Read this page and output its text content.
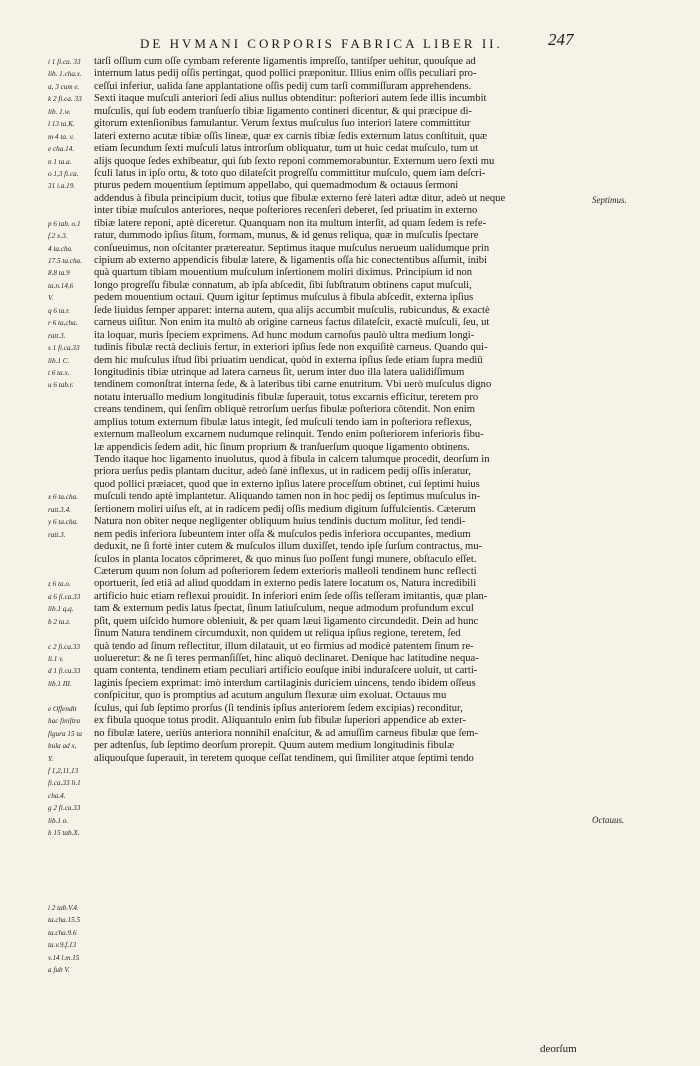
DE HVMANI CORPORIS FABRICA LIBER II.	247
i 1 fi.ca. 33
lib. 1.cha.x.
a, 3 cum e.
k 2 fi.ca. 33
lib. 1.w.
l 13 ta.K.
m 4 ta. v.
e cha.14.
n 1 ta.a.
o 1,3 fi.ca.
31 i.a.19.
p 6 tab. o.1
f.2 x.3.
4 ta.cha.
17.5 ta.cha.
8.8 ta.9
ta.n.14,6
V.
q 6 ta.r.
r 6 ta,cha.
ratt.3.
s 1 fi.ca.33
lib.1 C.
t 6 ta.x.
u 6 tab.r.
x 6 ta.cha.
ratt.3.4.
y 6 ta.cha.
ratt.3.
z 6 ta.o.
a 6 fi.ca.33
lib.1 q,q.
b 2 ta.z.
c 2 fi.ca.33
li.1 v.
d 1 fi.ca.33
lib.1 III.
e Offendit
hac finiſtra
figura 15 ta
bula ad x,
Y.
f 1,2,11,13
fi.ca.33 li.1
cha.4.
g 2 fi.ca.33
lib.1 o.
h 15 tab.X.
i 2 tab.V.4.
ta.cha.15.5
ta.cha.9.6
ta.v.9.f.13
v.14 l.m.15
a fub V.
tarſi oſſium cum oſſe cymbam referente ligamentis impreſſo, tantiſper uehitur, quouſque ad
internum latus pedij oſſis pertingat, quod pollici præponitur. Illius enim oſſis peculiari pro-
ceſſui inferiur, ualida ſane applantatione oſſis pedij cum tarſi commiſſuram apprehendens.
Sexti itaque muſculi anteriori ſedi alius nullus obtenditur: poſteriori autem ſede illis incumbit
muſculis, qui ſub eodem tranſuerſo tibiæ ligamento contineri dicentur, & qui præcipue di-
gitorum extenſionibus famulantur. Verum ſextus muſculus ſuo interiori latere committitur
lateri externo acutæ tibiæ oſſis lineæ, quæ ex carnis tibiæ ſedis externum latus conſtituit, quæ
etiam ſecundum ſexti muſculi latus introrſum obliquatur, tum ut huic cedat muſculo, tum ut
alijs quoque ſedes exhibeatur, qui ſub ſexto reponi commemorabuntur. Externum uero ſexti mu
ſculi latus in ipſo ortu, & toto quo dilateſcit progreſſu committitur muſculo, quem iam deſcri-
pturus pedem mouentium ſeptimum appellabo, qui quemadmodum & octauus ſermoni
addendus à fibula principium ducit, totius que fibulæ externo ferè lateri adtæ ditur, adeò ut neque
inter tibiæ muſculos anteriores, neque poſteriores recenſeri deberet, ſed priuatim in externo
tibiæ latere reponi, aptè diceretur. Quanquam non ita multum interſit, ad quam ſedem is refe-
ratur, dummodo ipſius ſitum, formam, munus, & id genus reliqua, quæ in muſculis ſpectare
conſueuimus, non oſcitanter prætereatur. Septimus itaque muſculus nerueum ualidumque prin
cipium ab externo appendicis fibulæ latere, & ligamentis oſſa hic conectentibus aſſumit, inibi
quà quartum tibiam mouentium muſculum inſertionem moliri diximus. Principium id non
longo progreſſu fibulæ connatum, ab ipſa abſcedit, ſibi ſubſtratum obtinens caput muſculi,
pedem mouentium octaui. Quum igitur ſeptimus muſculus à fibula abſcedit, externa ipſius
ſede liuidus ſemper apparet: interna autem, qua alijs accumbit muſculis, rubicundus, & exactè
carneus uiſitur. Non enim ita multò ab origine carneus factus dilateſcit, exactè muſculi, ſeu, ut
ita loquar, muris ſpeciem exprimens. Ad hunc modum carnoſus paulò ultra medium longi-
tudinis fibulæ rectà decliuis fertur, in exteriori ipſius ſede non exquiſitè carneus. Quando qui-
dem hic muſculus iſtud ſibi priuatim uendicat, quòd in externa ipſius ſede etiam ſupra mediū
longitudinis tibiæ utrinque ad latera carneus ſit, uerum inter duo illa latera ualidiſſimum
tendinem comonſtrat interna ſede, & à lateribus tibi carne enutritum. Vbi uerò muſculus digno
notatu interuallo medium longitudinis fibulæ ſuperauit, totus excarnis efficitur, teretem pro
creans tendinem, qui ſenſim obliquè retrorſum uerſus fibulæ poſteriora cōtendit. Non enim
amplius totum externum fibulæ latus integit, ſed muſculi tendo iam in poſteriora reflexus,
externum malleolum excarnem nudumque relinquit. Tendo enim poſteriorem inferioris fibu-
læ appendicis ſedem adit, hic ſinum proprium & tranſuerſum quoque ligamento obtinens.
Tendo itaque hoc ligamento inuolutus, quod à fibula in calcem talumque procedit, deorſum in
priora uerſus pedis plantam ducitur, adeò ſanè inflexus, ut in radicem pedij oſſis inſeratur,
quod pollici præiacet, quod que in externo ipſius latere proceſſum obtinet, cui ſeptimi huius
muſculi tendo aptè implantetur. Aliquando tamen non in hoc pedij os ſeptimus muſculus in-
ſertionem moliri uiſus eſt, at in radicem pedij oſſis medium digitum ſuffulcientis. Cæterum
Natura non obiter neque negligenter obliquum huius tendinis ductum molitur, ſed tendi-
nem pedis inferiora ſubeuntem inter oſſa & muſculos pedis inferiora occupantes, medium
deduxit, ne ſi fortè inter cutem & muſculos illum duxiſſet, tendo ipſe ſurſum contractus, mu-
ſculos in planta locatos cōprimeret, & quo minus ſuo poſſent fungi munere, obſtaculo eſſet.
Cæterum quum non ſolum ad poſteriorem ſedem exterioris malleoli tendinem hunc reflecti
oportuerit, ſed etiā ad aliud quoddam in externo pedis latere locatum os, Natura incredibili
artificio huic etiam reflexui prouidit. In inferiori enim ſede oſſis teſſeram imitantis, quæ plan-
tam & externum pedis latus ſpectat, ſinum latiuſculum, neque admodum profundum excul
pſit, quem uiſcido humore obleniuit, & per quam læui ligamento circundedit. Dein ad hunc
ſinum Natura tendinem circumduxit, non quidem ut reliqua ipſius regione, teretem, ſed
quà tendo ad ſinum reflectitur, illum dilatauit, ut eo firmius ad modicè patentem ſinum re-
uolueretur: & ne ſi teres permanſiſſet, hinc aliquò declinaret. Denique hac latitudine nequa-
quam contenta, tendinem etiam peculiari artificio eouſque inibi induraſcere uoluit, ut carti-
laginis ſpeciem exprimat: imò interdum cartilaginis duriciem uincens, tendo ibidem oſſeus
conſpicitur, quo is promptius ad acutum angulum flexuræ uim exoluat. Octauus mu
ſculus, qui ſub ſeptimo prorſus (ſi tendinis ipſius anteriorem ſedem excipias) reconditur,
ex fibula quoque totus prodit. Aliquantulo enim ſub fibulæ ſuperiori appendice ab exter-
no fibulæ latere, ueriùs anteriora nonnihil enaſcitur, & ad amuſſim carneus fibulæ que ſem-
per adtenſus, ſub ſeptimo deorſum prorepit. Quum autem medium longitudinis fibulæ
aliquouſque ſuperauit, in teretem quoque ceſſat tendinem, qui ſimiliter atque ſeptimi tendo
Septimus.
Octauus.
deorſum
